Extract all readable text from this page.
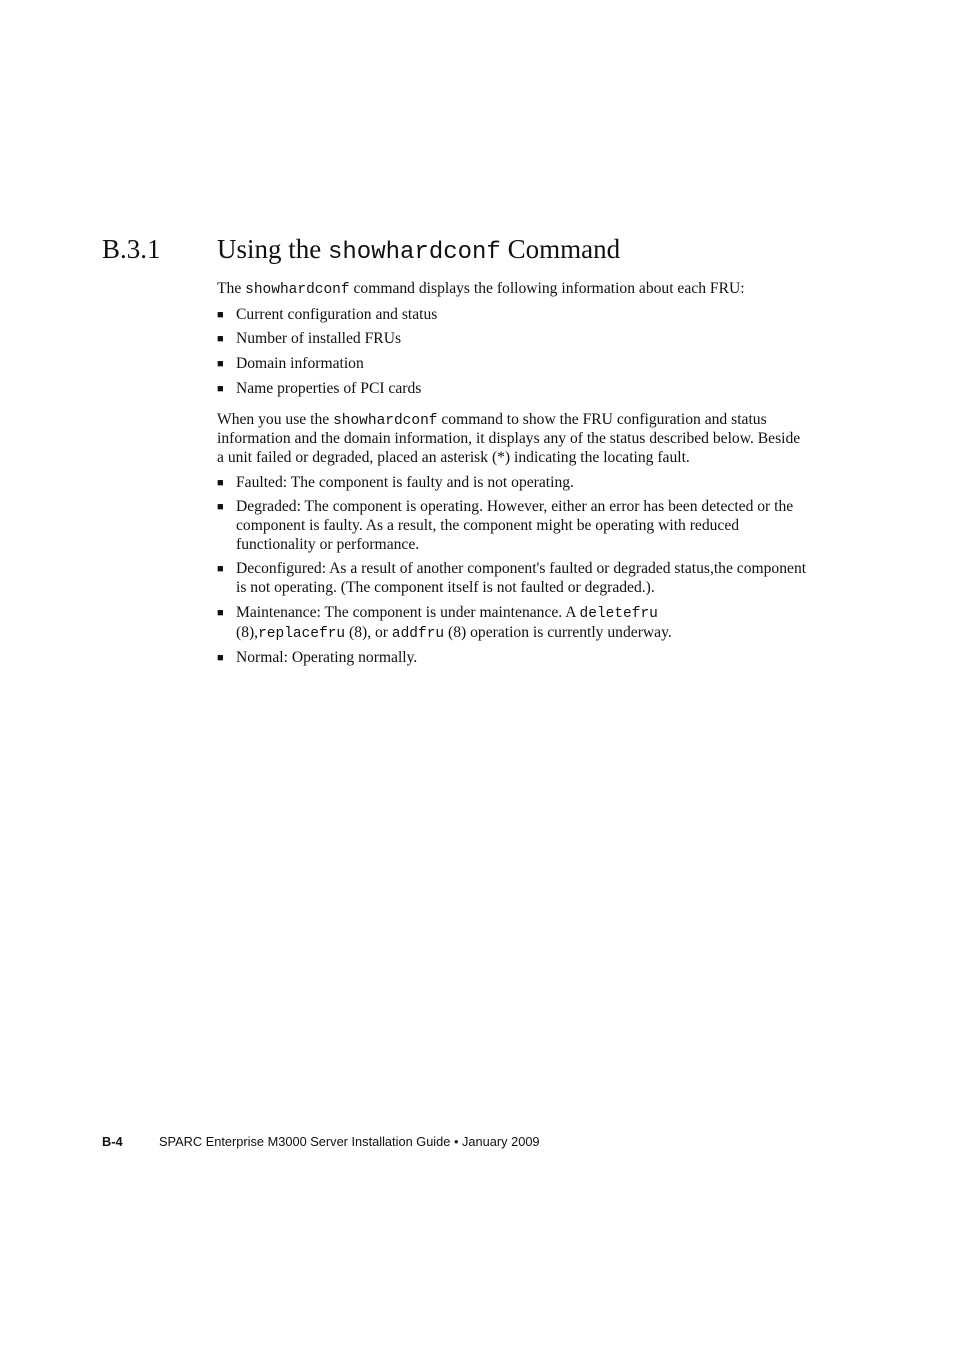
B.3.1 Using the showhardconf Command

The showhardconf command displays the following information about each FRU:

■ Current configuration and status
■ Number of installed FRUs
■ Domain information
■ Name properties of PCI cards

When you use the showhardconf command to show the FRU configuration and status information and the domain information, it displays any of the status described below. Beside a unit failed or degraded, placed an asterisk (*) indicating the locating fault.

■ Faulted: The component is faulty and is not operating.
■ Degraded: The component is operating. However, either an error has been detected or the component is faulty. As a result, the component might be operating with reduced functionality or performance.
■ Deconfigured: As a result of another component's faulted or degraded status,the component is not operating. (The component itself is not faulted or degraded.).
■ Maintenance: The component is under maintenance. A deletefru
(8),replacefru (8), or addfru (8) operation is currently underway.
■ Normal: Operating normally.
B-4	SPARC Enterprise M3000 Server Installation Guide • January 2009
